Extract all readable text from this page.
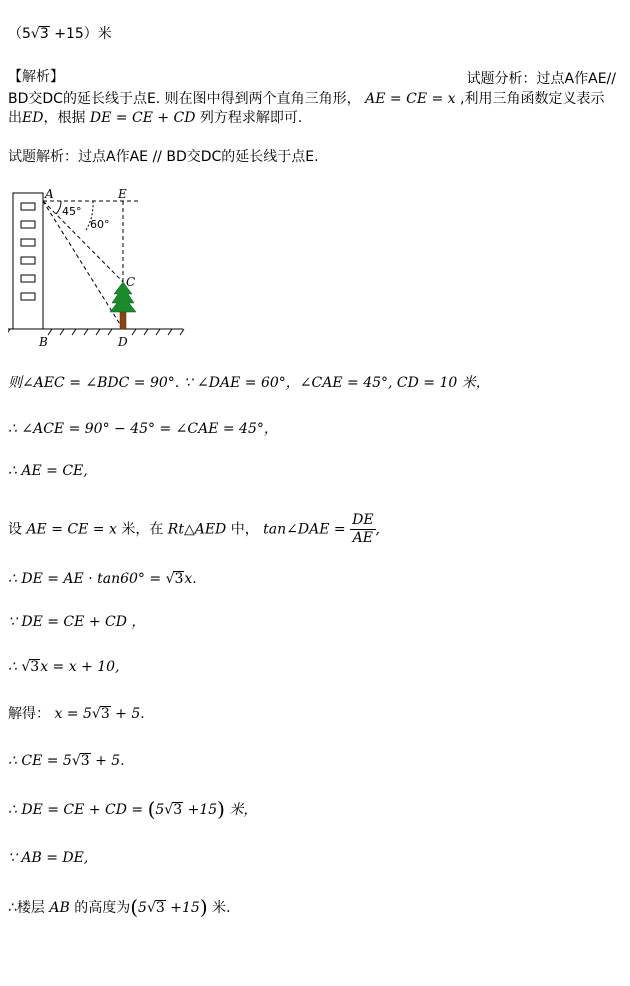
（5√3 +15）米
【解析】	试题分析：过点A作AE//
BD交DC的延长线于点E. 则在图中得到两个直角三角形， AE = CE = x ,利用三角函数定义表示
出ED，根据 DE = CE + CD 列方程求解即可.
试题解析：过点A作AE // BD交DC的延长线于点E.
A	E
C
B	D
45°
60°
则∠AEC = ∠BDC = 90°. ∵ ∠DAE = 60°，∠CAE = 45°, CD = 10 米，
∴ ∠ACE = 90° − 45° = ∠CAE = 45°，
∴ AE = CE,
设 AE = CE = x 米，在 Rt△AED 中， tan∠DAE = $\frac{DE}{AE}$ ,
∴ DE = AE · tan60° = √3x.
∵ DE = CE + CD ，
∴ √3x = x + 10,
解得： x = 5√3 + 5.
∴ CE = 5√3 + 5.
∴ DE = CE + CD = (5√3 +15) 米，
∵ AB = DE,
∴楼层 AB 的高度为(5√3 +15) 米.
